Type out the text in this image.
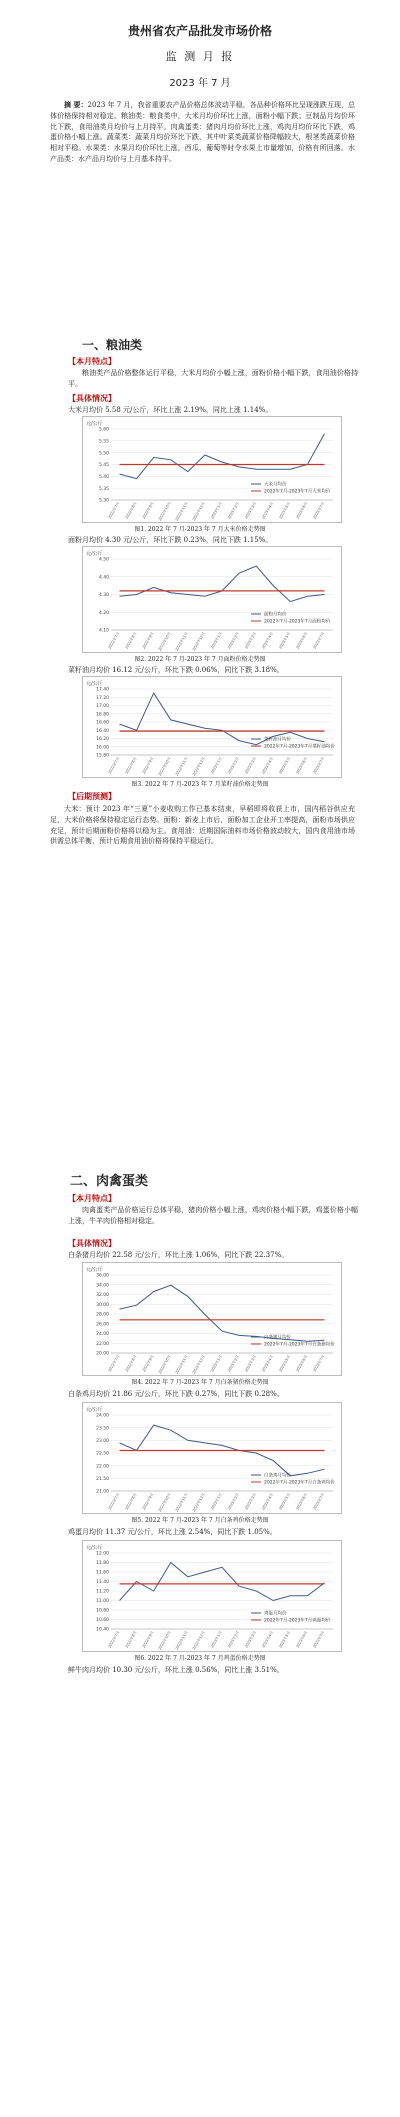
贵州省农产品批发市场价格
监 测 月 报
2023 年 7 月
摘 要：2023 年 7 月，我省重要农产品价格总体波动平稳，各品种价格环比呈现涨跌互现，总体价格保持相对稳定。粮油类：粮食类中，大米月均价环比上涨，面粉小幅下跌；豆制品月均价环比下跌，食用油类月均价与上月持平。肉禽蛋类：猪肉月均价环比上涨，鸡肉月均价环比下跌，鸡蛋价格小幅上涨。蔬菜类：蔬菜月均价环比下跌，其中叶菜类蔬菜价格降幅较大，根茎类蔬菜价格相对平稳。水果类：水果月均价环比上涨，西瓜、葡萄等时令水果上市量增加，价格有所回落。水产品类：水产品月均价与上月基本持平。
一、粮油类
【本月特点】
粮油类产品价格整体运行平稳，大米月均价小幅上涨，面粉价格小幅下跌，食用油价格持平。
【具体情况】
大米月均价 5.58 元/公斤，环比上涨 2.19%，同比上涨 1.14%。
元/公斤
5.60
5.55
5.50
5.45
5.40
5.35
5.30
2022年7月 2022年8月 2022年9月 2022年10月 2022年11月 2022年12月 2023年1月 2023年2月 2023年3月 2023年4月 2023年5月 2023年6月 2023年7月
大米月均价
2022年7月-2023年7月大米均价
图1. 2022 年 7 月-2023 年 7 月大米价格走势图
面粉月均价 4.30 元/公斤，环比下跌 0.23%，同比下跌 1.15%。
元/公斤
4.50
4.40
4.30
4.20
4.10
2022年7月 2022年8月 2022年9月 2022年10月 2022年11月 2022年12月 2023年1月 2023年2月 2023年3月 2023年4月 2023年5月 2023年6月 2023年7月
面粉月均价
2022年7月-2023年7月面粉均价
图2. 2022 年 7 月-2023 年 7 月面粉价格走势图
菜籽油月均价 16.12 元/公斤，环比下跌 0.06%，同比下跌 3.18%。
元/公斤
17.40
17.20
17.00
16.80
16.60
16.40
16.20
16.00
15.80
2022年7月 2022年8月 2022年9月 2022年10月 2022年11月 2022年12月 2023年1月 2023年2月 2023年3月 2023年4月 2023年5月 2023年6月 2023年7月
菜籽油月均价
2022年7月-2023年7月菜籽油均价
图3. 2022 年 7 月-2023 年 7 月菜籽油价格走势图
【后期预测】
大米：预计 2023 年“三夏”小麦收购工作已基本结束，早稻即将收获上市，国内稻谷供应充足，大米价格将保持稳定运行态势。面粉：新麦上市后，面粉加工企业开工率提高，面粉市场供应充足，预计后期面粉价格将以稳为主。食用油：近期国际油料市场价格波动较大，国内食用油市场供需总体平衡，预计后期食用油价格将保持平稳运行。
二、肉禽蛋类
【本月特点】
肉禽蛋类产品价格运行总体平稳，猪肉价格小幅上涨，鸡肉价格小幅下跌，鸡蛋价格小幅上涨，牛羊肉价格相对稳定。
【具体情况】
白条猪月均价 22.58 元/公斤，环比上涨 1.06%，同比下跌 22.37%。
元/公斤
36.00
34.00
32.00
30.00
28.00
26.00
24.00
22.00
20.00
2022年7月 2022年8月 2022年9月 2022年10月 2022年11月 2022年12月 2023年1月 2023年2月 2023年3月 2023年4月 2023年5月 2023年6月 2023年7月
白条猪月均价
2022年7月-2023年7月白条猪均价
图4. 2022 年 7 月-2023 年 7 月白条猪价格走势图
白条鸡月均价 21.86 元/公斤，环比下跌 0.27%，同比下跌 0.28%。
元/公斤
24.00
23.50
23.00
22.50
22.00
21.50
21.00
2022年7月 2022年8月 2022年9月 2022年10月 2022年11月 2022年12月 2023年1月 2023年2月 2023年3月 2023年4月 2023年5月 2023年6月 2023年7月
白条鸡月均价
2022年7月-2023年7月白条鸡均价
图5. 2022 年 7 月-2023 年 7 月白条鸡价格走势图
鸡蛋月均价 11.37 元/公斤，环比上涨 2.54%，同比下跌 1.05%。
元/公斤
12.00
11.80
11.60
11.40
11.20
11.00
10.80
10.60
10.40
2022年7月 2022年8月 2022年9月 2022年10月 2022年11月 2022年12月 2023年1月 2023年2月 2023年3月 2023年4月 2023年5月 2023年6月 2023年7月
鸡蛋月均价
2022年7月-2023年7月鸡蛋均价
图6. 2022 年 7 月-2023 年 7 月鸡蛋价格走势图
鲜牛肉月均价 10.30 元/公斤，环比上涨 0.56%，同比上涨 3.51%。
